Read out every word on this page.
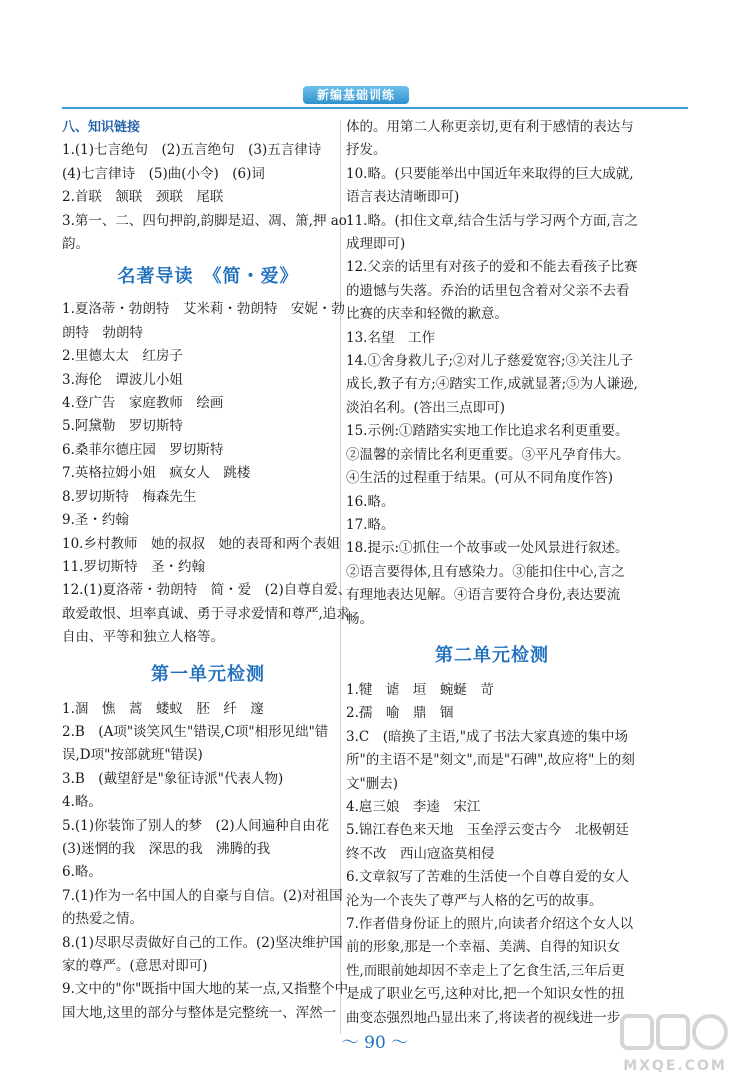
新编基础训练

八、知识链接

1.(1)七言绝句　(2)五言绝句　(3)五言律诗

(4)七言律诗　(5)曲(小令)　(6)词

2.首联　颔联　颈联　尾联

3.第一、二、四句押韵,韵脚是迢、凋、箫,押 ao 韵。

名著导读　《简・爱》

1.夏洛蒂・勃朗特　艾米莉・勃朗特　安妮・勃朗特　勃朗特

2.里德太太　红房子

3.海伦　谭波儿小姐

4.登广告　家庭教师　绘画

5.阿黛勒　罗切斯特

6.桑菲尔德庄园　罗切斯特

7.英格拉姆小姐　疯女人　跳楼

8.罗切斯特　梅森先生

9.圣・约翰

10.乡村教师　她的叔叔　她的表哥和两个表姐

11.罗切斯特　圣・约翰

12.(1)夏洛蒂・勃朗特　简・爱　(2)自尊自爱、敢爱敢恨、坦率真诚、勇于寻求爱情和尊严,追求自由、平等和独立人格等。

第一单元检测

1.涸　憔　蒿　蝼蚁　胚　纤　邃

2.B　(A项"谈笑风生"错误,C项"相形见绌"错误,D项"按部就班"错误)

3.B　(戴望舒是"象征诗派"代表人物)

4.略。

5.(1)你装饰了别人的梦　(2)人间遍种自由花　(3)迷惘的我　深思的我　沸腾的我

6.略。

7.(1)作为一名中国人的自豪与自信。(2)对祖国的热爱之情。

8.(1)尽职尽责做好自己的工作。(2)坚决维护国家的尊严。(意思对即可)

9.文中的"你"既指中国大地的某一点,又指整个中国大地,这里的部分与整体是完整统一、浑然一

体的。用第二人称更亲切,更有利于感情的表达与抒发。

10.略。(只要能举出中国近年来取得的巨大成就,语言表达清晰即可)

11.略。(扣住文章,结合生活与学习两个方面,言之成理即可)

12.父亲的话里有对孩子的爱和不能去看孩子比赛的遗憾与失落。乔治的话里包含着对父亲不去看比赛的庆幸和轻微的歉意。

13.名望　工作

14.①舍身救儿子;②对儿子慈爱宽容;③关注儿子成长,教子有方;④踏实工作,成就显著;⑤为人谦逊,淡泊名利。(答出三点即可)

15.示例:①踏踏实实地工作比追求名利更重要。②温馨的亲情比名利更重要。③平凡孕育伟大。④生活的过程重于结果。(可从不同角度作答)

16.略。

17.略。

18.提示:①抓住一个故事或一处风景进行叙述。②语言要得体,且有感染力。③能扣住中心,言之有理地表达见解。④语言要符合身份,表达要流畅。

第二单元检测

1.犍　谑　垣　蜿蜒　苛

2.孺　喻　鼎　锢

3.C　(暗换了主语,"成了书法大家真迹的集中场所"的主语不是"刻文",而是"石碑",故应将"上的刻文"删去)

4.扈三娘　李逵　宋江

5.锦江春色来天地　玉垒浮云变古今　北极朝廷终不改　西山寇盗莫相侵

6.文章叙写了苦难的生活使一个自尊自爱的女人沦为一个丧失了尊严与人格的乞丐的故事。

7.作者借身份证上的照片,向读者介绍这个女人以前的形象,那是一个幸福、美满、自得的知识女性,而眼前她却因不幸走上了乞食生活,三年后更是成了职业乞丐,这种对比,把一个知识女性的扭曲变态强烈地凸显出来了,将读者的视线进一步

～ 90 ～
MXQE.COM
